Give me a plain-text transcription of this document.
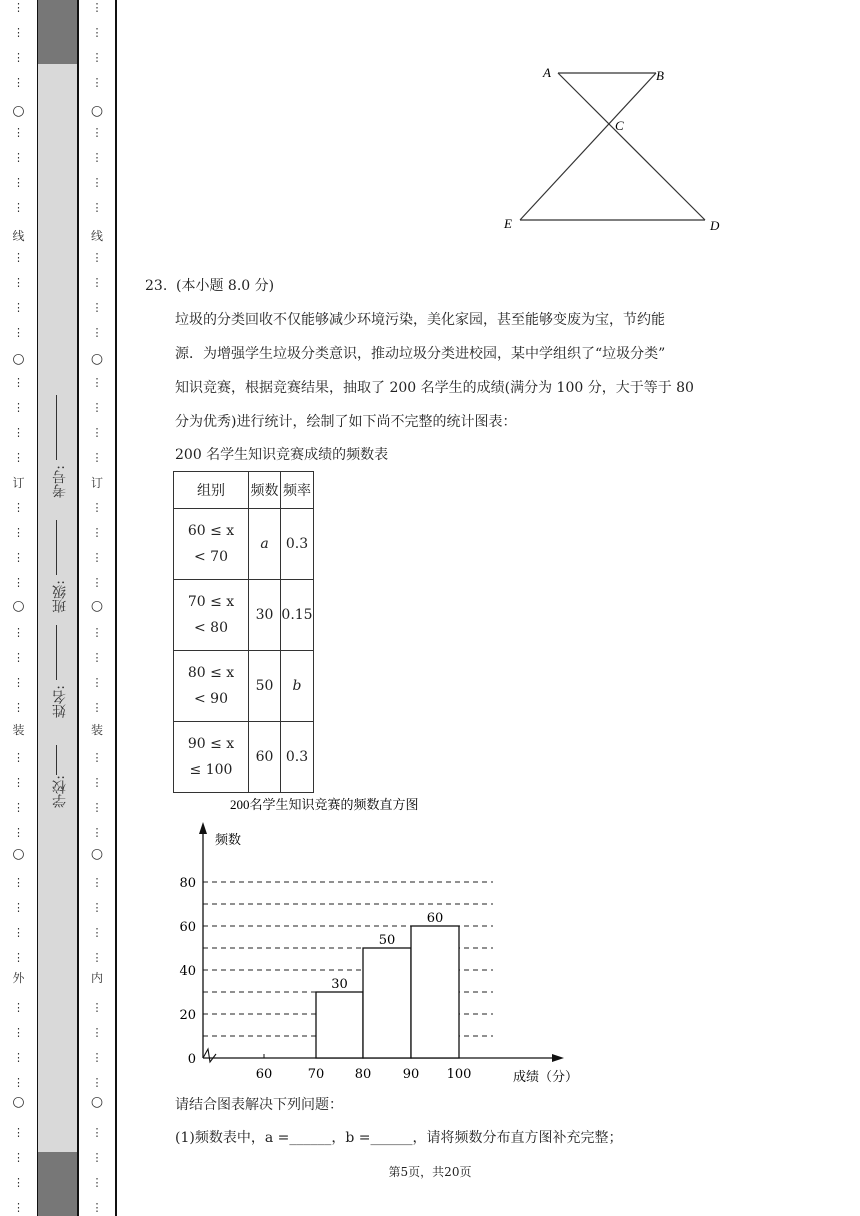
○
○
○
○
○
线
订
装
外
⋮
⋮
⋮
⋮
⋮
⋮
⋮
⋮
⋮
⋮
⋮
⋮
⋮
⋮
⋮
⋮
⋮
⋮
⋮
⋮
⋮
⋮
⋮
⋮
⋮
⋮
⋮
⋮
⋮
⋮
⋮
⋮
⋮
⋮
⋮
⋮
⋮
⋮
⋮
⋮
○
○
○
○
○
线
订
装
内
⋮
⋮
⋮
⋮
⋮
⋮
⋮
⋮
⋮
⋮
⋮
⋮
⋮
⋮
⋮
⋮
⋮
⋮
⋮
⋮
⋮
⋮
⋮
⋮
⋮
⋮
⋮
⋮
⋮
⋮
⋮
⋮
⋮
⋮
⋮
⋮
⋮
⋮
⋮
⋮
学校:
姓名:
班级:
考号:
A	B
C
D
E
23. (本小题 8.0 分)
垃圾的分类回收不仅能够减少环境污染，美化家园，甚至能够变废为宝，节约能
源．为增强学生垃圾分类意识，推动垃圾分类进校园，某中学组织了“垃圾分类”
知识竞赛，根据竞赛结果，抽取了 200 名学生的成绩(满分为 100 分，大于等于 80
分为优秀)进行统计，绘制了如下尚不完整的统计图表：
200 名学生知识竞赛成绩的频数表
组别	频数	频率

60 ≤ x
< 70	a	0.3

70 ≤ x
< 80	30	0.15

80 ≤ x
< 90	50	b

90 ≤ x
≤ 100	60	0.3
200名学生知识竞赛的频数直方图
频数
成绩（分）
0
20
40
60
80
60	70 80 90 100
30
50
60
请结合图表解决下列问题：
(1)频数表中，a =______，b =______，请将频数分布直方图补充完整；
第5页，共20页
